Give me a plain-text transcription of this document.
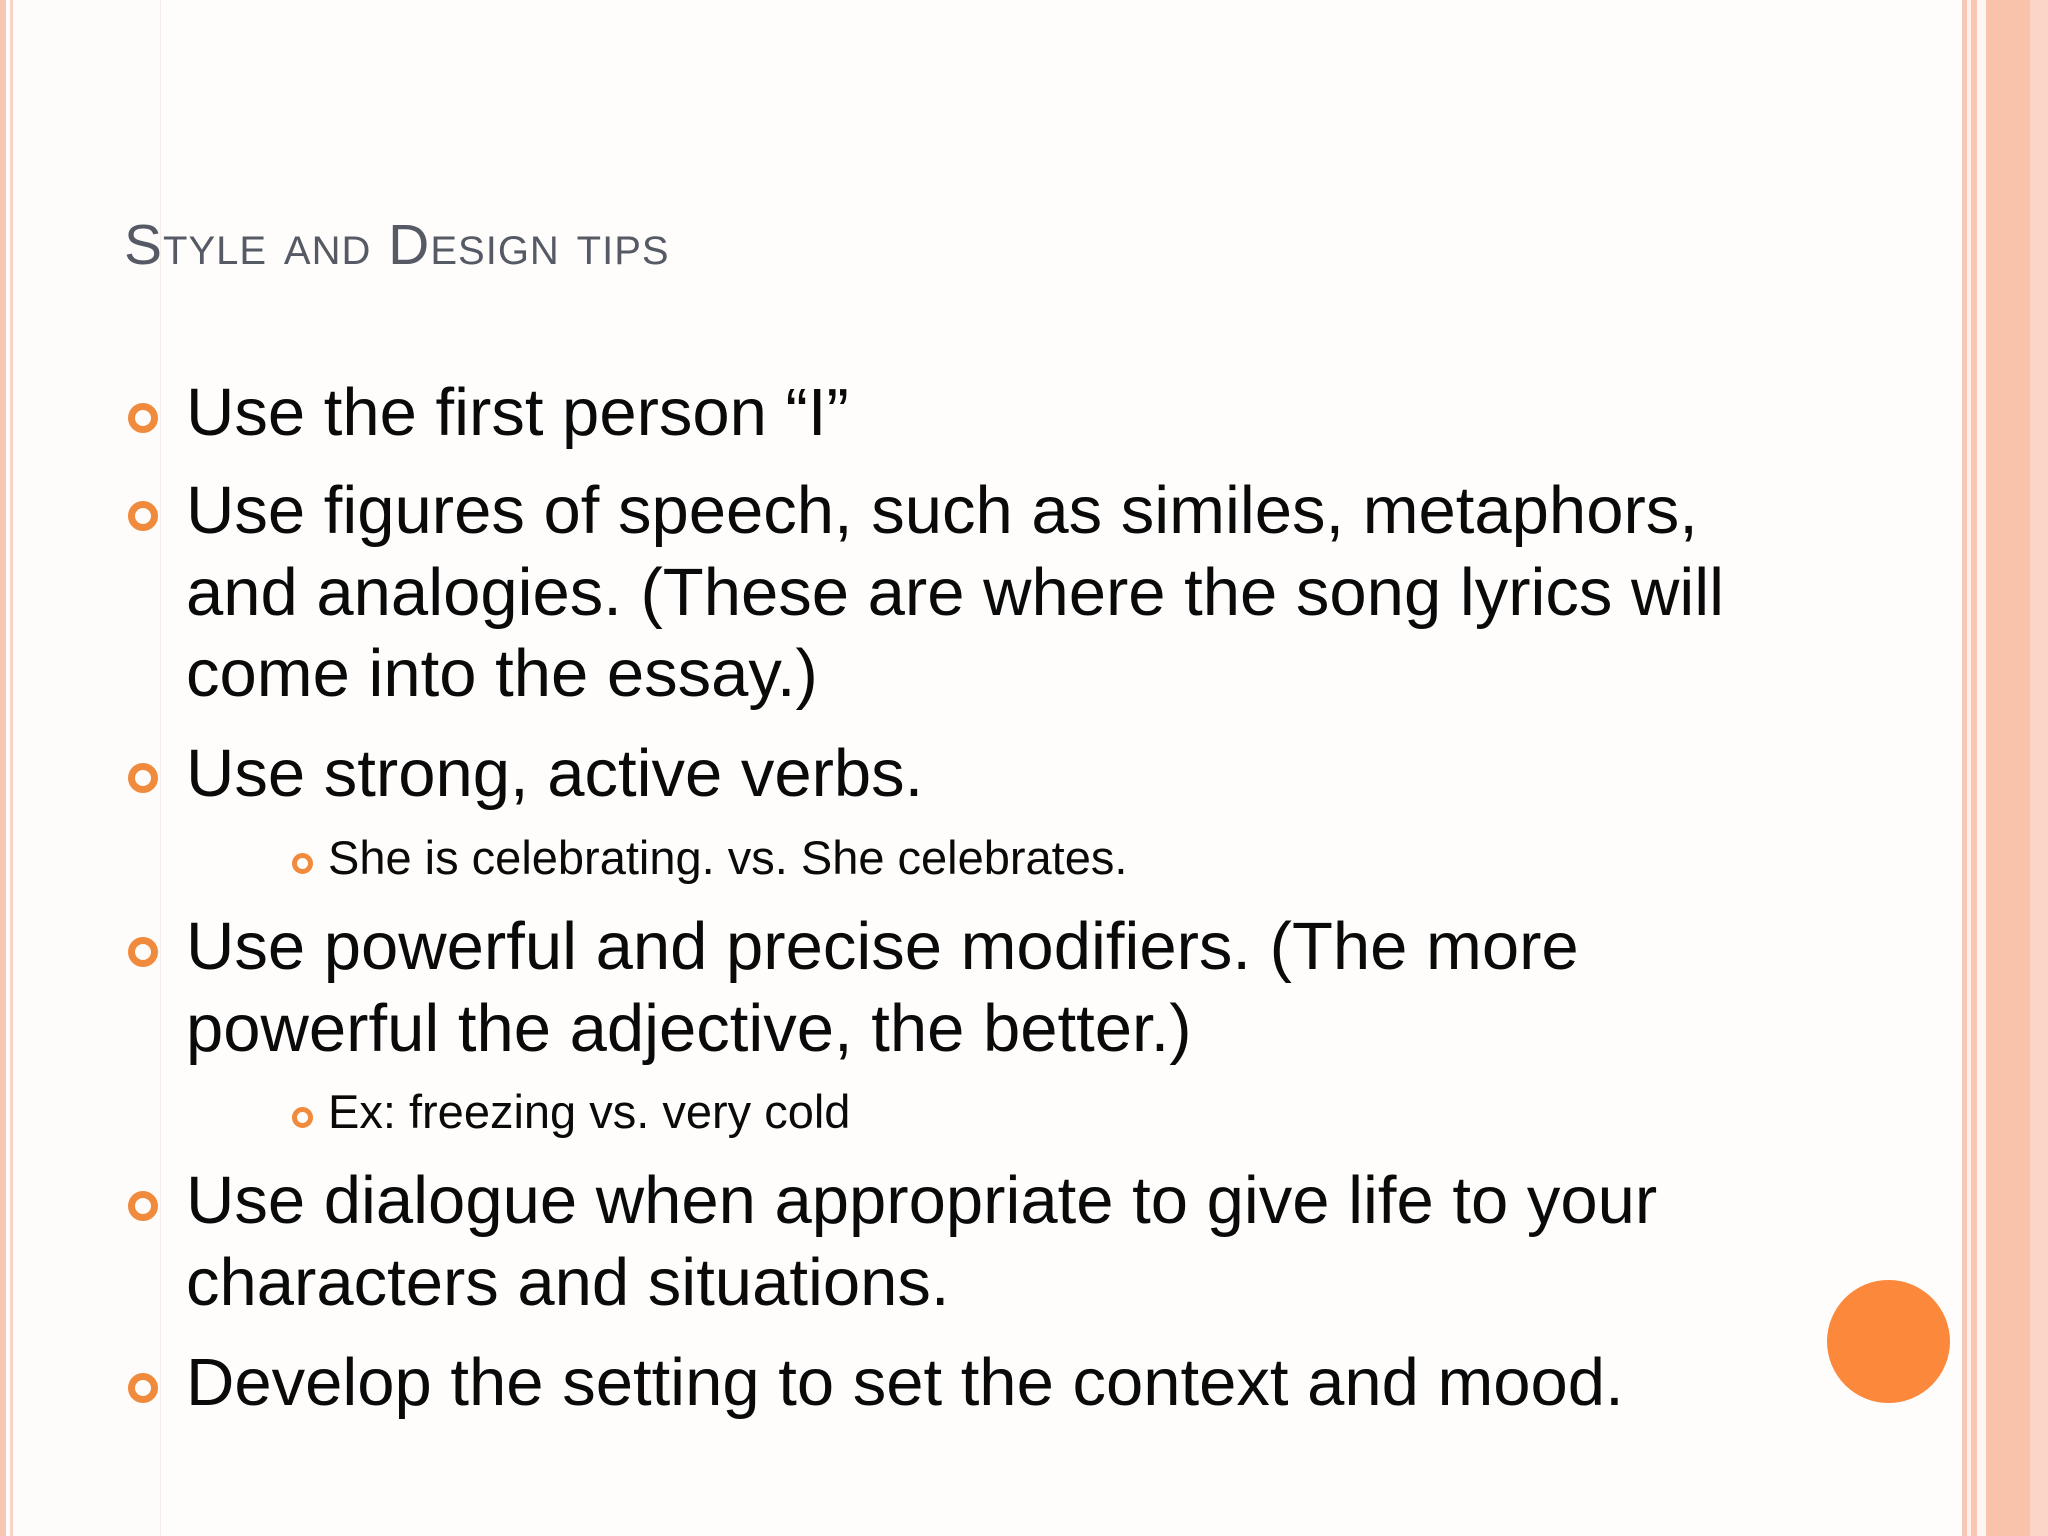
Style and Design tips
Use the first person “I”
Use figures of speech, such as similes, metaphors,
and analogies. (These are where the song lyrics will
come into the essay.)
Use strong, active verbs.
She is celebrating. vs. She celebrates.
Use powerful and precise modifiers. (The more
powerful the adjective, the better.)
Ex: freezing vs. very cold
Use dialogue when appropriate to give life to your
characters and situations.
Develop the setting to set the context and mood.
